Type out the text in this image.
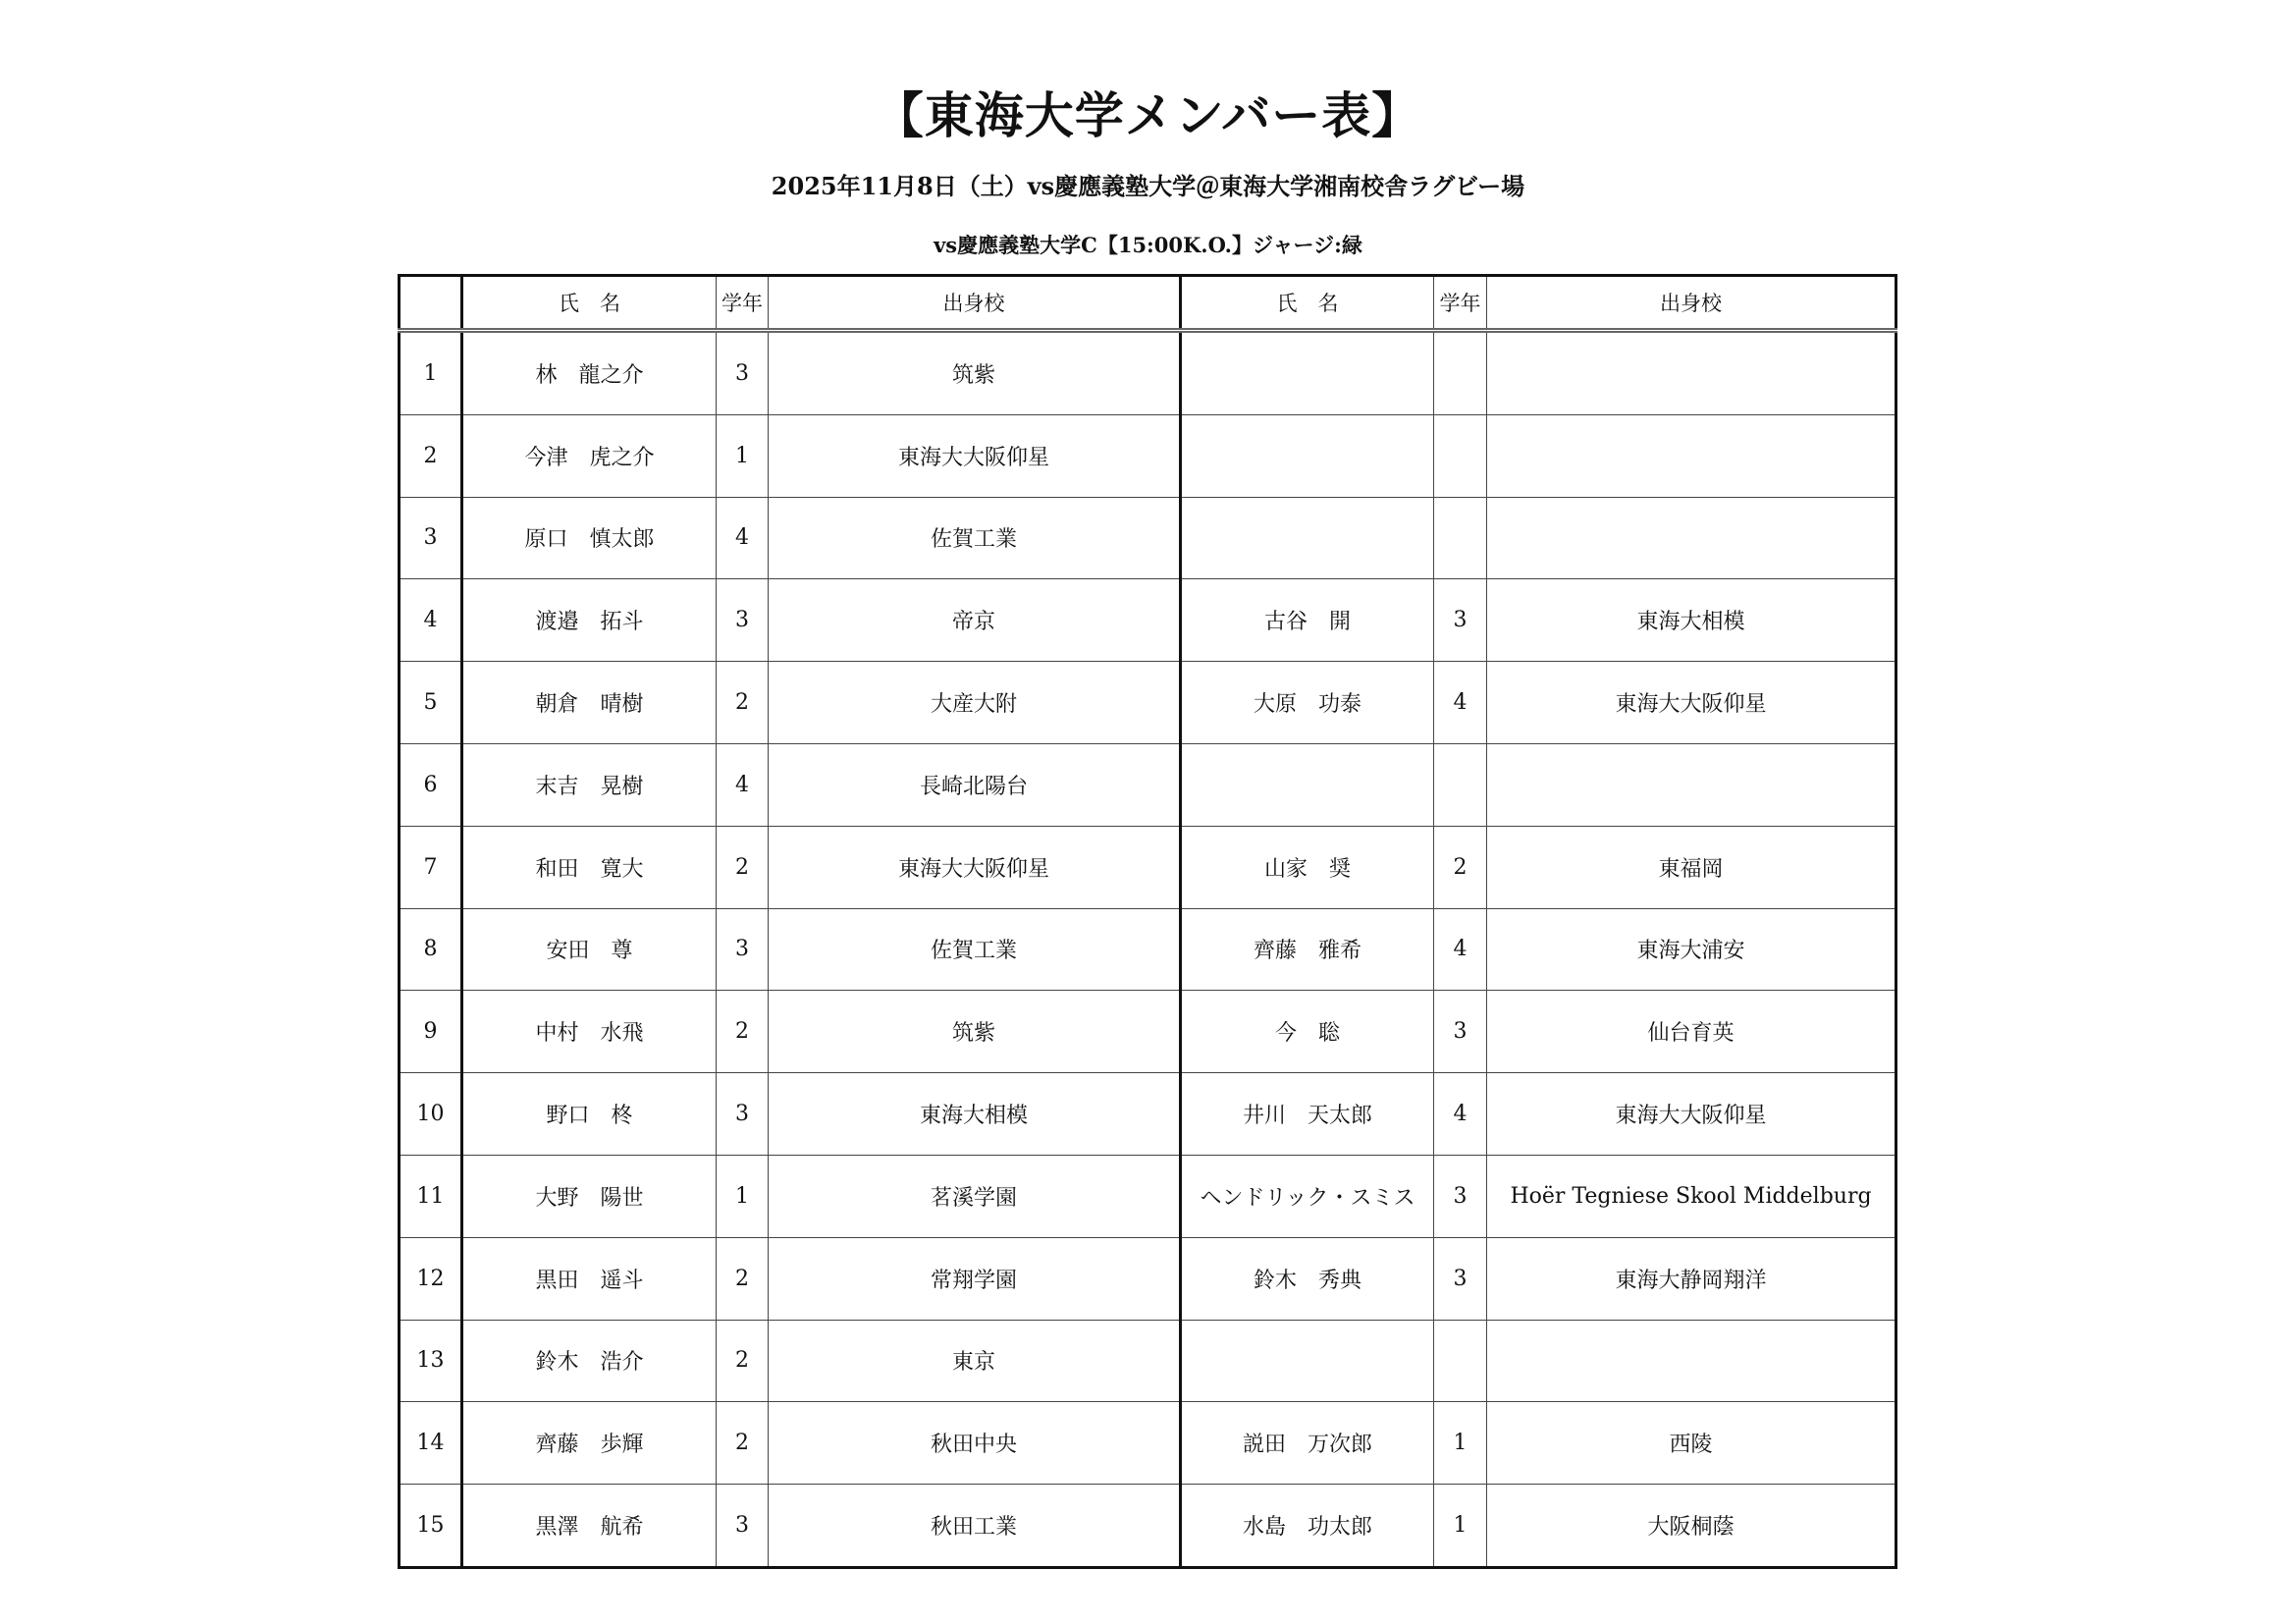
【東海大学メンバー表】
2025年11月8日（土）vs慶應義塾大学＠東海大学湘南校舎ラグビー場
vs慶應義塾大学C【15:00K.O.】ジャージ:緑
	氏　名	学年	出身校	氏　名	学年	出身校
1	林　龍之介	3	筑紫			
2	今津　虎之介	1	東海大大阪仰星			
3	原口　慎太郎	4	佐賀工業			
4	渡邉　拓斗	3	帝京	古谷　開	3	東海大相模
5	朝倉　晴樹	2	大産大附	大原　功泰	4	東海大大阪仰星
6	末吉　晃樹	4	長崎北陽台			
7	和田　寛大	2	東海大大阪仰星	山家　奨	2	東福岡
8	安田　尊	3	佐賀工業	齊藤　雅希	4	東海大浦安
9	中村　水飛	2	筑紫	今　聡	3	仙台育英
10	野口　柊	3	東海大相模	井川　天太郎	4	東海大大阪仰星
11	大野　陽世	1	茗溪学園	ヘンドリック・スミス	3	Hoër Tegniese Skool Middelburg
12	黒田　遥斗	2	常翔学園	鈴木　秀典	3	東海大静岡翔洋
13	鈴木　浩介	2	東京			
14	齊藤　歩輝	2	秋田中央	説田　万次郎	1	西陵
15	黒澤　航希	3	秋田工業	水島　功太郎	1	大阪桐蔭
